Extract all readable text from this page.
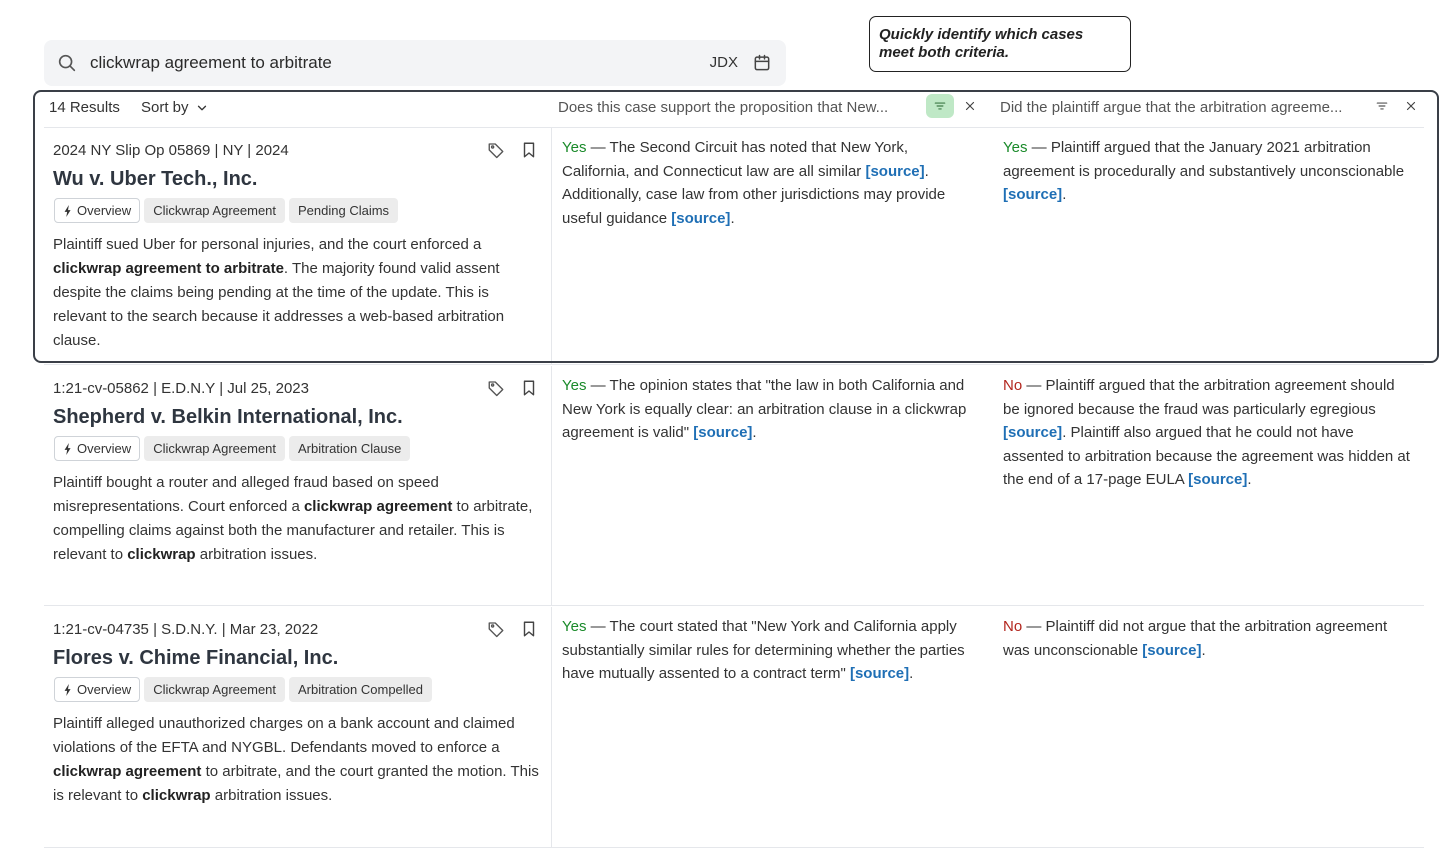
clickwrap agreement to arbitrate
JDX
Quickly identify which cases meet both criteria.
14 Results Sort by	Does this case support the proposition that New...	Did the plaintiff argue that the arbitration agreeme...
2024 NY Slip Op 05869 | NY | 2024
Wu v. Uber Tech., Inc.
Overview	Clickwrap Agreement	Pending Claims
Plaintiff sued Uber for personal injuries, and the court enforced a clickwrap agreement to arbitrate. The majority found valid assent despite the claims being pending at the time of the update. This is relevant to the search because it addresses a web-based arbitration clause.
Yes — The Second Circuit has noted that New York, California, and Connecticut law are all similar [source]. Additionally, case law from other jurisdictions may provide useful guidance [source].
Yes — Plaintiff argued that the January 2021 arbitration agreement is procedurally and substantively unconscionable [source].
1:21-cv-05862 | E.D.N.Y | Jul 25, 2023
Shepherd v. Belkin International, Inc.
Overview	Clickwrap Agreement	Arbitration Clause
Plaintiff bought a router and alleged fraud based on speed misrepresentations. Court enforced a clickwrap agreement to arbitrate, compelling claims against both the manufacturer and retailer. This is relevant to clickwrap arbitration issues.
Yes — The opinion states that "the law in both California and New York is equally clear: an arbitration clause in a clickwrap agreement is valid" [source].
No — Plaintiff argued that the arbitration agreement should be ignored because the fraud was particularly egregious [source]. Plaintiff also argued that he could not have assented to arbitration because the agreement was hidden at the end of a 17-page EULA [source].
1:21-cv-04735 | S.D.N.Y. | Mar 23, 2022
Flores v. Chime Financial, Inc.
Overview	Clickwrap Agreement	Arbitration Compelled
Plaintiff alleged unauthorized charges on a bank account and claimed violations of the EFTA and NYGBL. Defendants moved to enforce a clickwrap agreement to arbitrate, and the court granted the motion. This is relevant to clickwrap arbitration issues.
Yes — The court stated that "New York and California apply substantially similar rules for determining whether the parties have mutually assented to a contract term" [source].
No — Plaintiff did not argue that the arbitration agreement was unconscionable [source].
